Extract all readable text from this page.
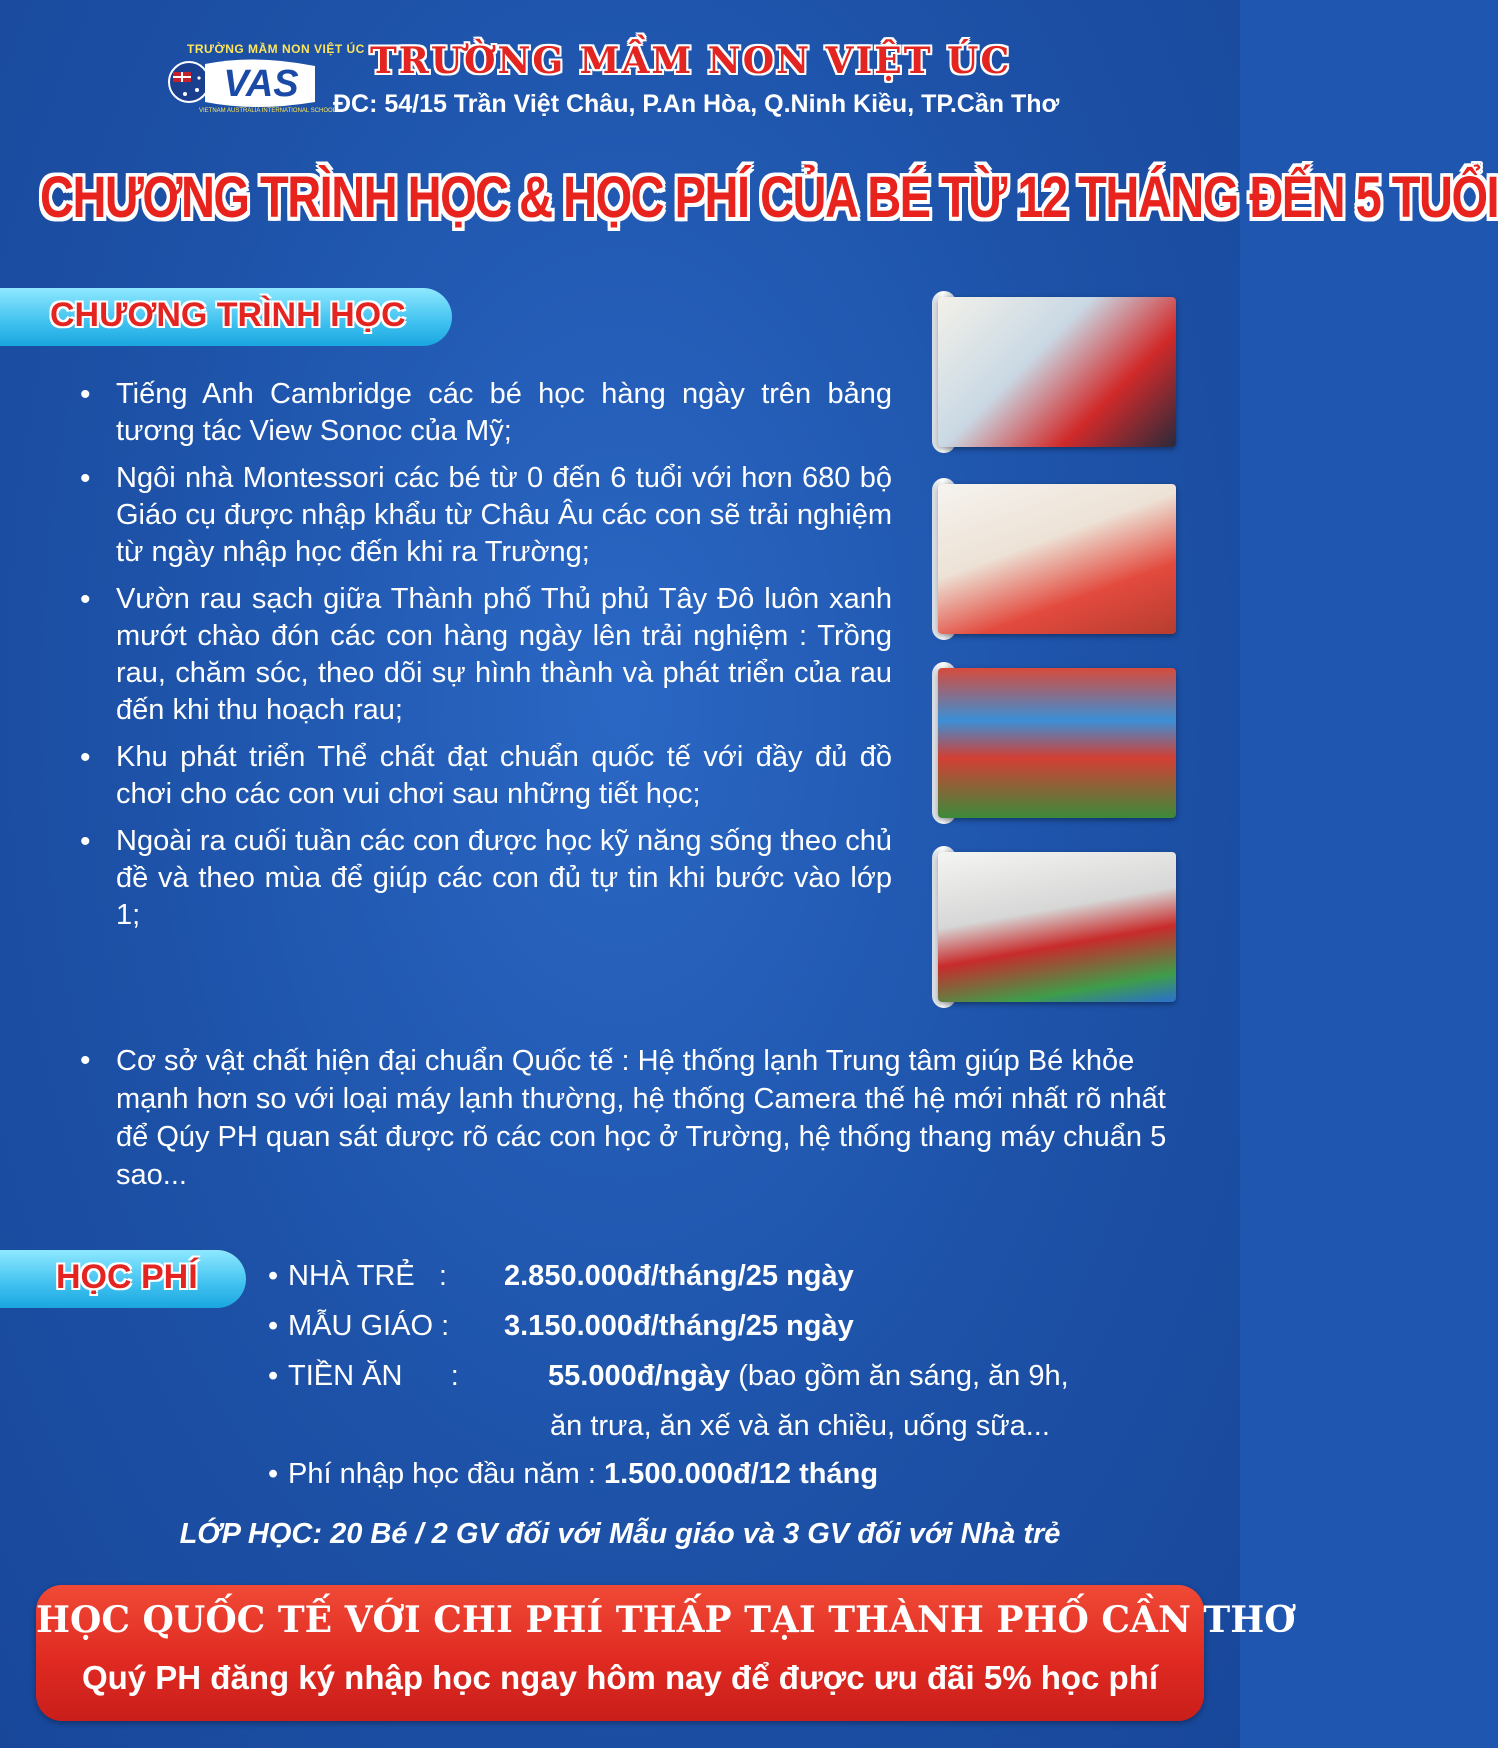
TRƯỜNG MẦM NON VIỆT ÚC
VAS
VIETNAM AUSTRALIA INTERNATIONAL SCHOOL
TRƯỜNG MẦM NON VIỆT ÚC
ĐC: 54/15 Trần Việt Châu, P.An Hòa, Q.Ninh Kiều, TP.Cần Thơ
CHƯƠNG TRÌNH HỌC & HỌC PHÍ CỦA BÉ TỪ 12 THÁNG ĐẾN 5 TUỔI
CHƯƠNG TRÌNH HỌC
• Tiếng Anh Cambridge các bé học hàng ngày trên bảng tương tác View Sonoc của Mỹ;
• Ngôi nhà Montessori các bé từ 0 đến 6 tuổi với hơn 680 bộ Giáo cụ được nhập khẩu từ Châu Âu các con sẽ trải nghiệm từ ngày nhập học đến khi ra Trường;
• Vườn rau sạch giữa Thành phố Thủ phủ Tây Đô luôn xanh mướt chào đón các con hàng ngày lên trải nghiệm : Trồng rau, chăm sóc, theo dõi sự hình thành và phát triển của rau đến khi thu hoạch rau;
• Khu phát triển Thể chất đạt chuẩn quốc tế với đầy đủ đồ chơi cho các con vui chơi sau những tiết học;
• Ngoài ra cuối tuần các con được học kỹ năng sống theo chủ đề và theo mùa để giúp các con đủ tự tin khi bước vào lớp 1;
• Cơ sở vật chất hiện đại chuẩn Quốc tế : Hệ thống lạnh Trung tâm giúp Bé khỏe mạnh hơn so với loại máy lạnh thường, hệ thống Camera thế hệ mới nhất rõ nhất để Qúy PH quan sát được rõ các con học ở Trường, hệ thống thang máy chuẩn 5 sao...
HỌC PHÍ • NHÀ TRẺ   : 2.850.000đ/tháng/25 ngày
• MẪU GIÁO : 3.150.000đ/tháng/25 ngày
• TIỀN ĂN      :	55.000đ/ngày (bao gồm ăn sáng, ăn 9h,
ăn trưa, ăn xế và ăn chiều, uống sữa...
• Phí nhập học đầu năm : 1.500.000đ/12 tháng
LỚP HỌC: 20 Bé / 2 GV đối với Mẫu giáo và 3 GV đối với Nhà trẻ
HỌC QUỐC TẾ VỚI CHI PHÍ THẤP TẠI THÀNH PHỐ CẦN THƠ
Quý PH đăng ký nhập học ngay hôm nay để được ưu đãi 5% học phí
